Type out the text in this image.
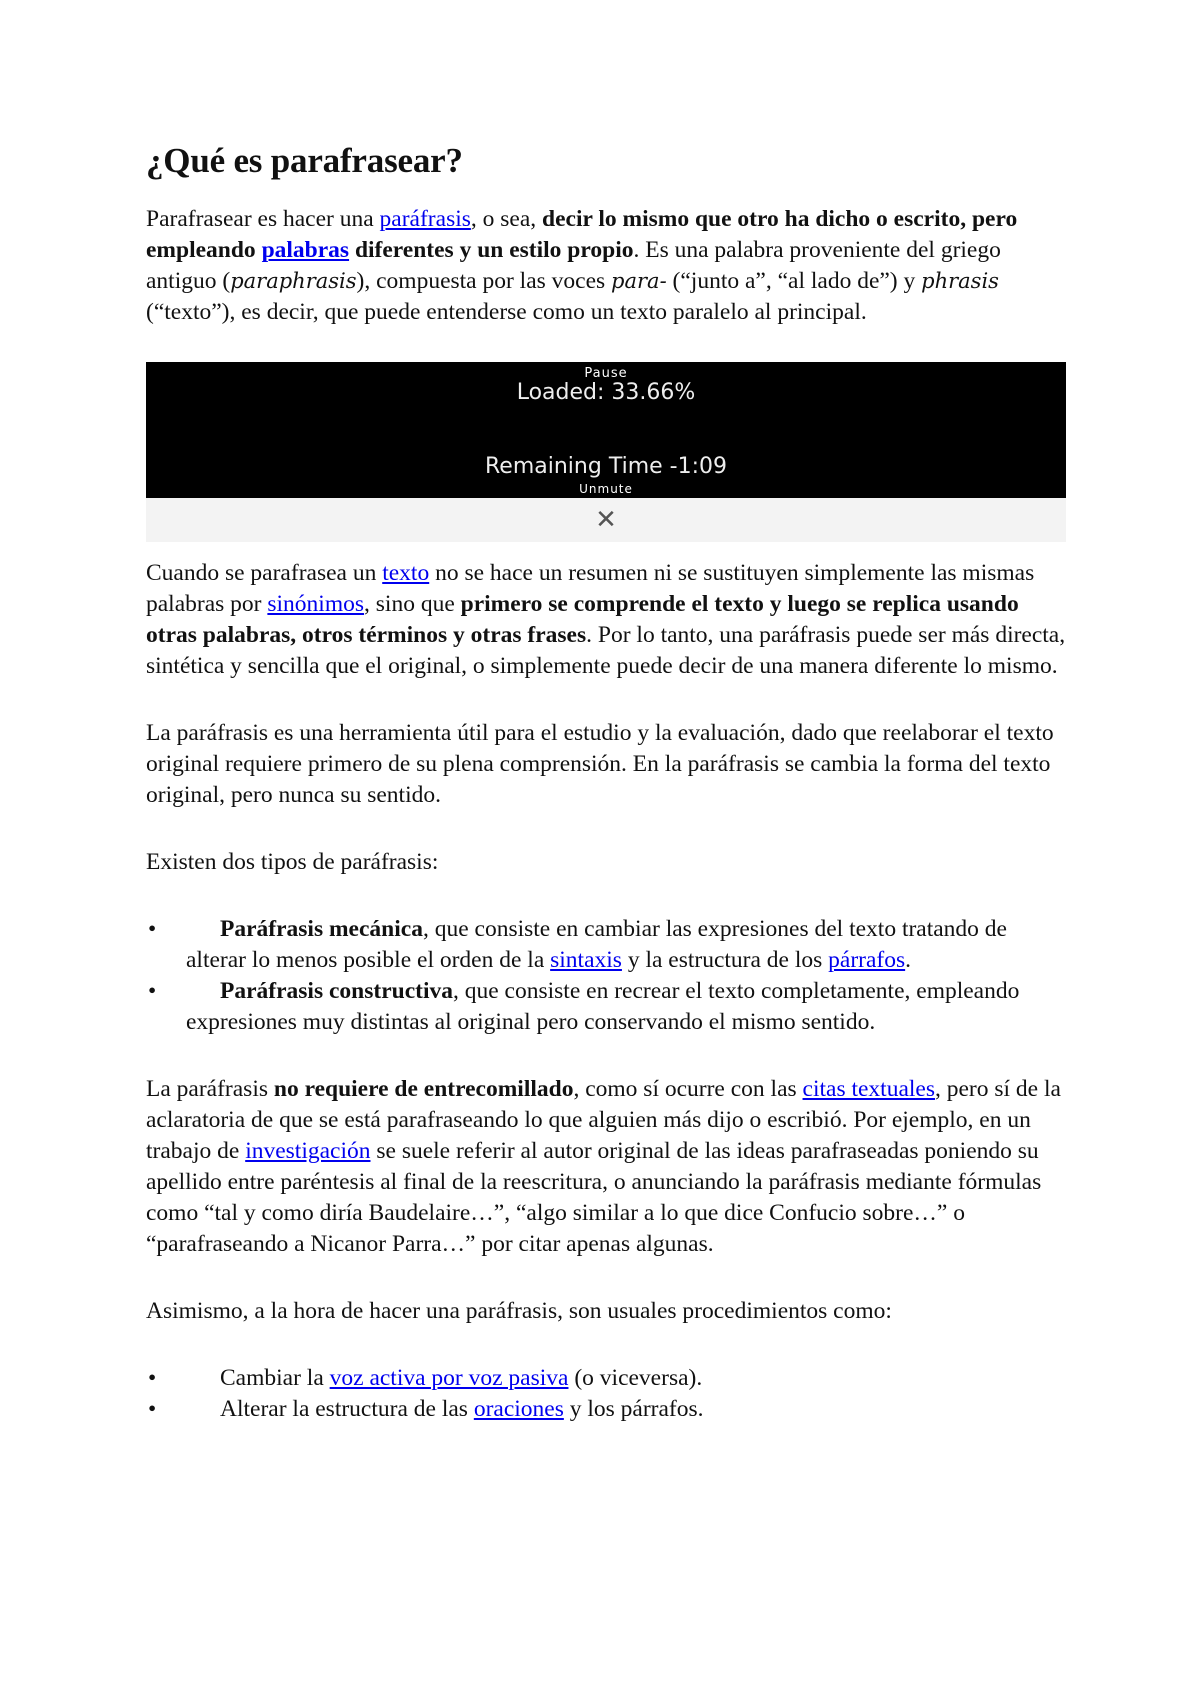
¿Qué es parafrasear?

Parafrasear es hacer una paráfrasis, o sea, decir lo mismo que otro ha dicho o escrito, pero empleando palabras diferentes y un estilo propio. Es una palabra proveniente del griego antiguo (paraphrasis), compuesta por las voces para- (“junto a”, “al lado de”) y phrasis (“texto”), es decir, que puede entenderse como un texto paralelo al principal.

Pause
Loaded: 33.66%
Remaining Time -1:09
Unmute
✕

Cuando se parafrasea un texto no se hace un resumen ni se sustituyen simplemente las mismas palabras por sinónimos, sino que primero se comprende el texto y luego se replica usando otras palabras, otros términos y otras frases. Por lo tanto, una paráfrasis puede ser más directa, sintética y sencilla que el original, o simplemente puede decir de una manera diferente lo mismo.

La paráfrasis es una herramienta útil para el estudio y la evaluación, dado que reelaborar el texto original requiere primero de su plena comprensión. En la paráfrasis se cambia la forma del texto original, pero nunca su sentido.

Existen dos tipos de paráfrasis:

•	Paráfrasis mecánica, que consiste en cambiar las expresiones del texto tratando de alterar lo menos posible el orden de la sintaxis y la estructura de los párrafos.
•	Paráfrasis constructiva, que consiste en recrear el texto completamente, empleando expresiones muy distintas al original pero conservando el mismo sentido.

La paráfrasis no requiere de entrecomillado, como sí ocurre con las citas textuales, pero sí de la aclaratoria de que se está parafraseando lo que alguien más dijo o escribió. Por ejemplo, en un trabajo de investigación se suele referir al autor original de las ideas parafraseadas poniendo su apellido entre paréntesis al final de la reescritura, o anunciando la paráfrasis mediante fórmulas como “tal y como diría Baudelaire…”, “algo similar a lo que dice Confucio sobre…” o “parafraseando a Nicanor Parra…” por citar apenas algunas.

Asimismo, a la hora de hacer una paráfrasis, son usuales procedimientos como:

•	Cambiar la voz activa por voz pasiva (o viceversa).
•	Alterar la estructura de las oraciones y los párrafos.
